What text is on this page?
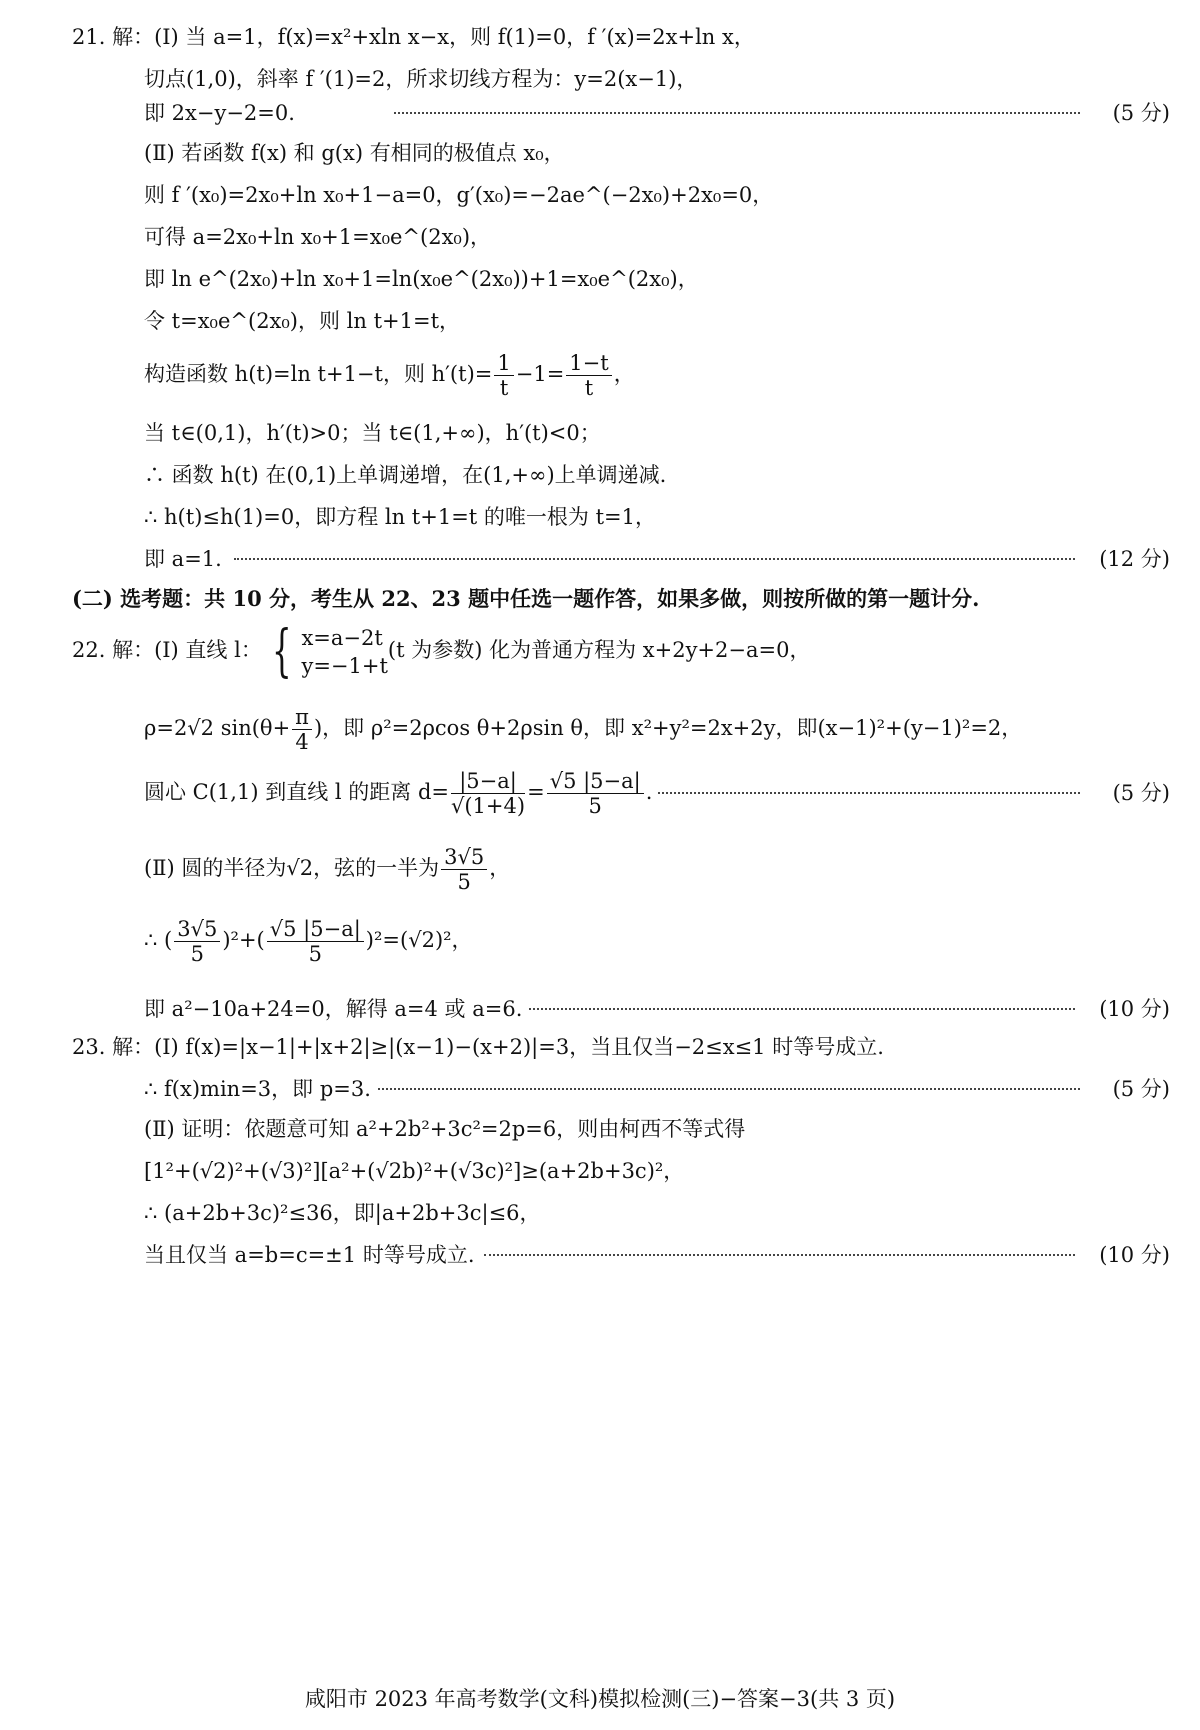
21. 解：(Ⅰ) 当 a=1，f(x)=x²+xln x−x，则 f(1)=0，f ′(x)=2x+ln x，
切点(1,0)，斜率 f ′(1)=2，所求切线方程为：y=2(x−1)，
即 2x−y−2=0.	(5 分)
(Ⅱ) 若函数 f(x) 和 g(x) 有相同的极值点 x₀，
则 f ′(x₀)=2x₀+ln x₀+1−a=0，g′(x₀)=−2ae^(−2x₀)+2x₀=0，
可得 a=2x₀+ln x₀+1=x₀e^(2x₀)，
即 ln e^(2x₀)+ln x₀+1=ln(x₀e^(2x₀))+1=x₀e^(2x₀)，
令 t=x₀e^(2x₀)，则 ln t+1=t，
构造函数 h(t)=ln t+1−t，则 $h'(t)= \frac{1}{t} -1= \frac{1-t}{t}$ ，
当 t∈(0,1)，h′(t)>0；当 t∈(1,+∞)，h′(t)<0；
∴ 函数 h(t) 在(0,1)上单调递增，在(1,+∞)上单调递减.
∴ h(t)≤h(1)=0，即方程 ln t+1=t 的唯一根为 t=1，
即 a=1.	(12 分)
(二) 选考题：共 10 分，考生从 22、23 题中任选一题作答，如果多做，则按所做的第一题计分.
22. 解：(Ⅰ) 直线 l： { x=a−2t
y=−1+t
(t 为参数) 化为普通方程为 x+2y+2−a=0，
ρ=2√2 $\sin(\theta+ \frac{\pi}{4}$ )，即 ρ²=2ρcos θ+2ρsin θ，即 x²+y²=2x+2y，即(x−1)²+(y−1)²=2，
圆心 C(1,1) 到直线 l 的距离 $d= \frac{|5-a|}{√(1+4)} = \frac{√5 |5-a|}{5}$ .	(5 分)
(Ⅱ) 圆的半径为√2，弦的一半为 $\frac{3√5}{5}$ ，
∴ ( $\frac{3√5}{5} )^2+( \frac{√5 |5-a|}{5} )^2=(√2)^2$，
即 a²−10a+24=0，解得 a=4 或 a=6.	(10 分)
23. 解：(Ⅰ) f(x)=|x−1|+|x+2|≥|(x−1)−(x+2)|=3，当且仅当−2≤x≤1 时等号成立.
∴ f(x)min=3，即 p=3.	(5 分)
(Ⅱ) 证明：依题意可知 a²+2b²+3c²=2p=6，则由柯西不等式得
[1²+(√2)²+(√3)²][a²+(√2b)²+(√3c)²]≥(a+2b+3c)²，
∴ (a+2b+3c)²≤36，即|a+2b+3c|≤6，
当且仅当 a=b=c=±1 时等号成立.	(10 分)
咸阳市 2023 年高考数学(文科)模拟检测(三)−答案−3(共 3 页)
